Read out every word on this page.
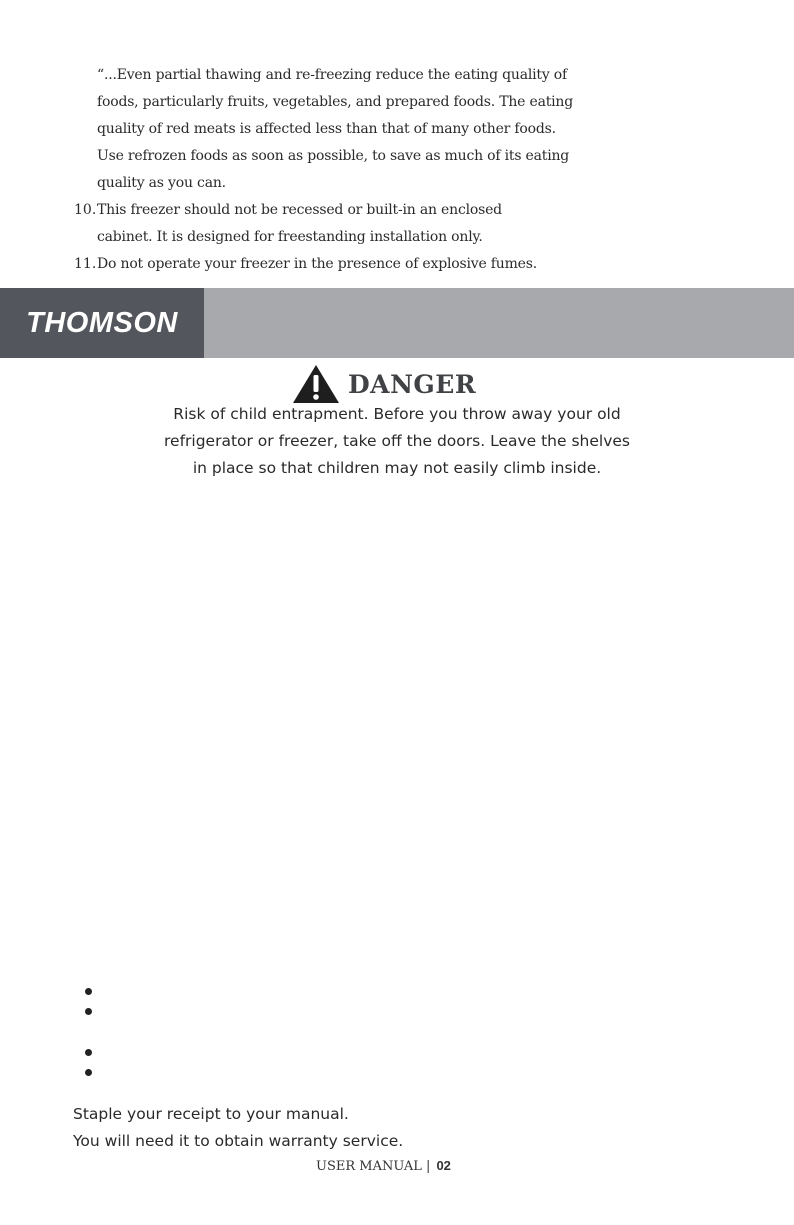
“...Even partial thawing and re-freezing reduce the eating quality of
foods, particularly fruits, vegetables, and prepared foods. The eating
quality of red meats is affected less than that of many other foods.
Use refrozen foods as soon as possible, to save as much of its eating
quality as you can.
10. This freezer should not be recessed or built-in an enclosed
cabinet. It is designed for freestanding installation only.
11. Do not operate your freezer in the presence of explosive fumes.
THOMSON
DANGER
Risk of child entrapment. Before you throw away your old
refrigerator or freezer, take off the doors. Leave the shelves
in place so that children may not easily climb inside.
Staple your receipt to your manual.
You will need it to obtain warranty service.
USER MANUAL | 02
